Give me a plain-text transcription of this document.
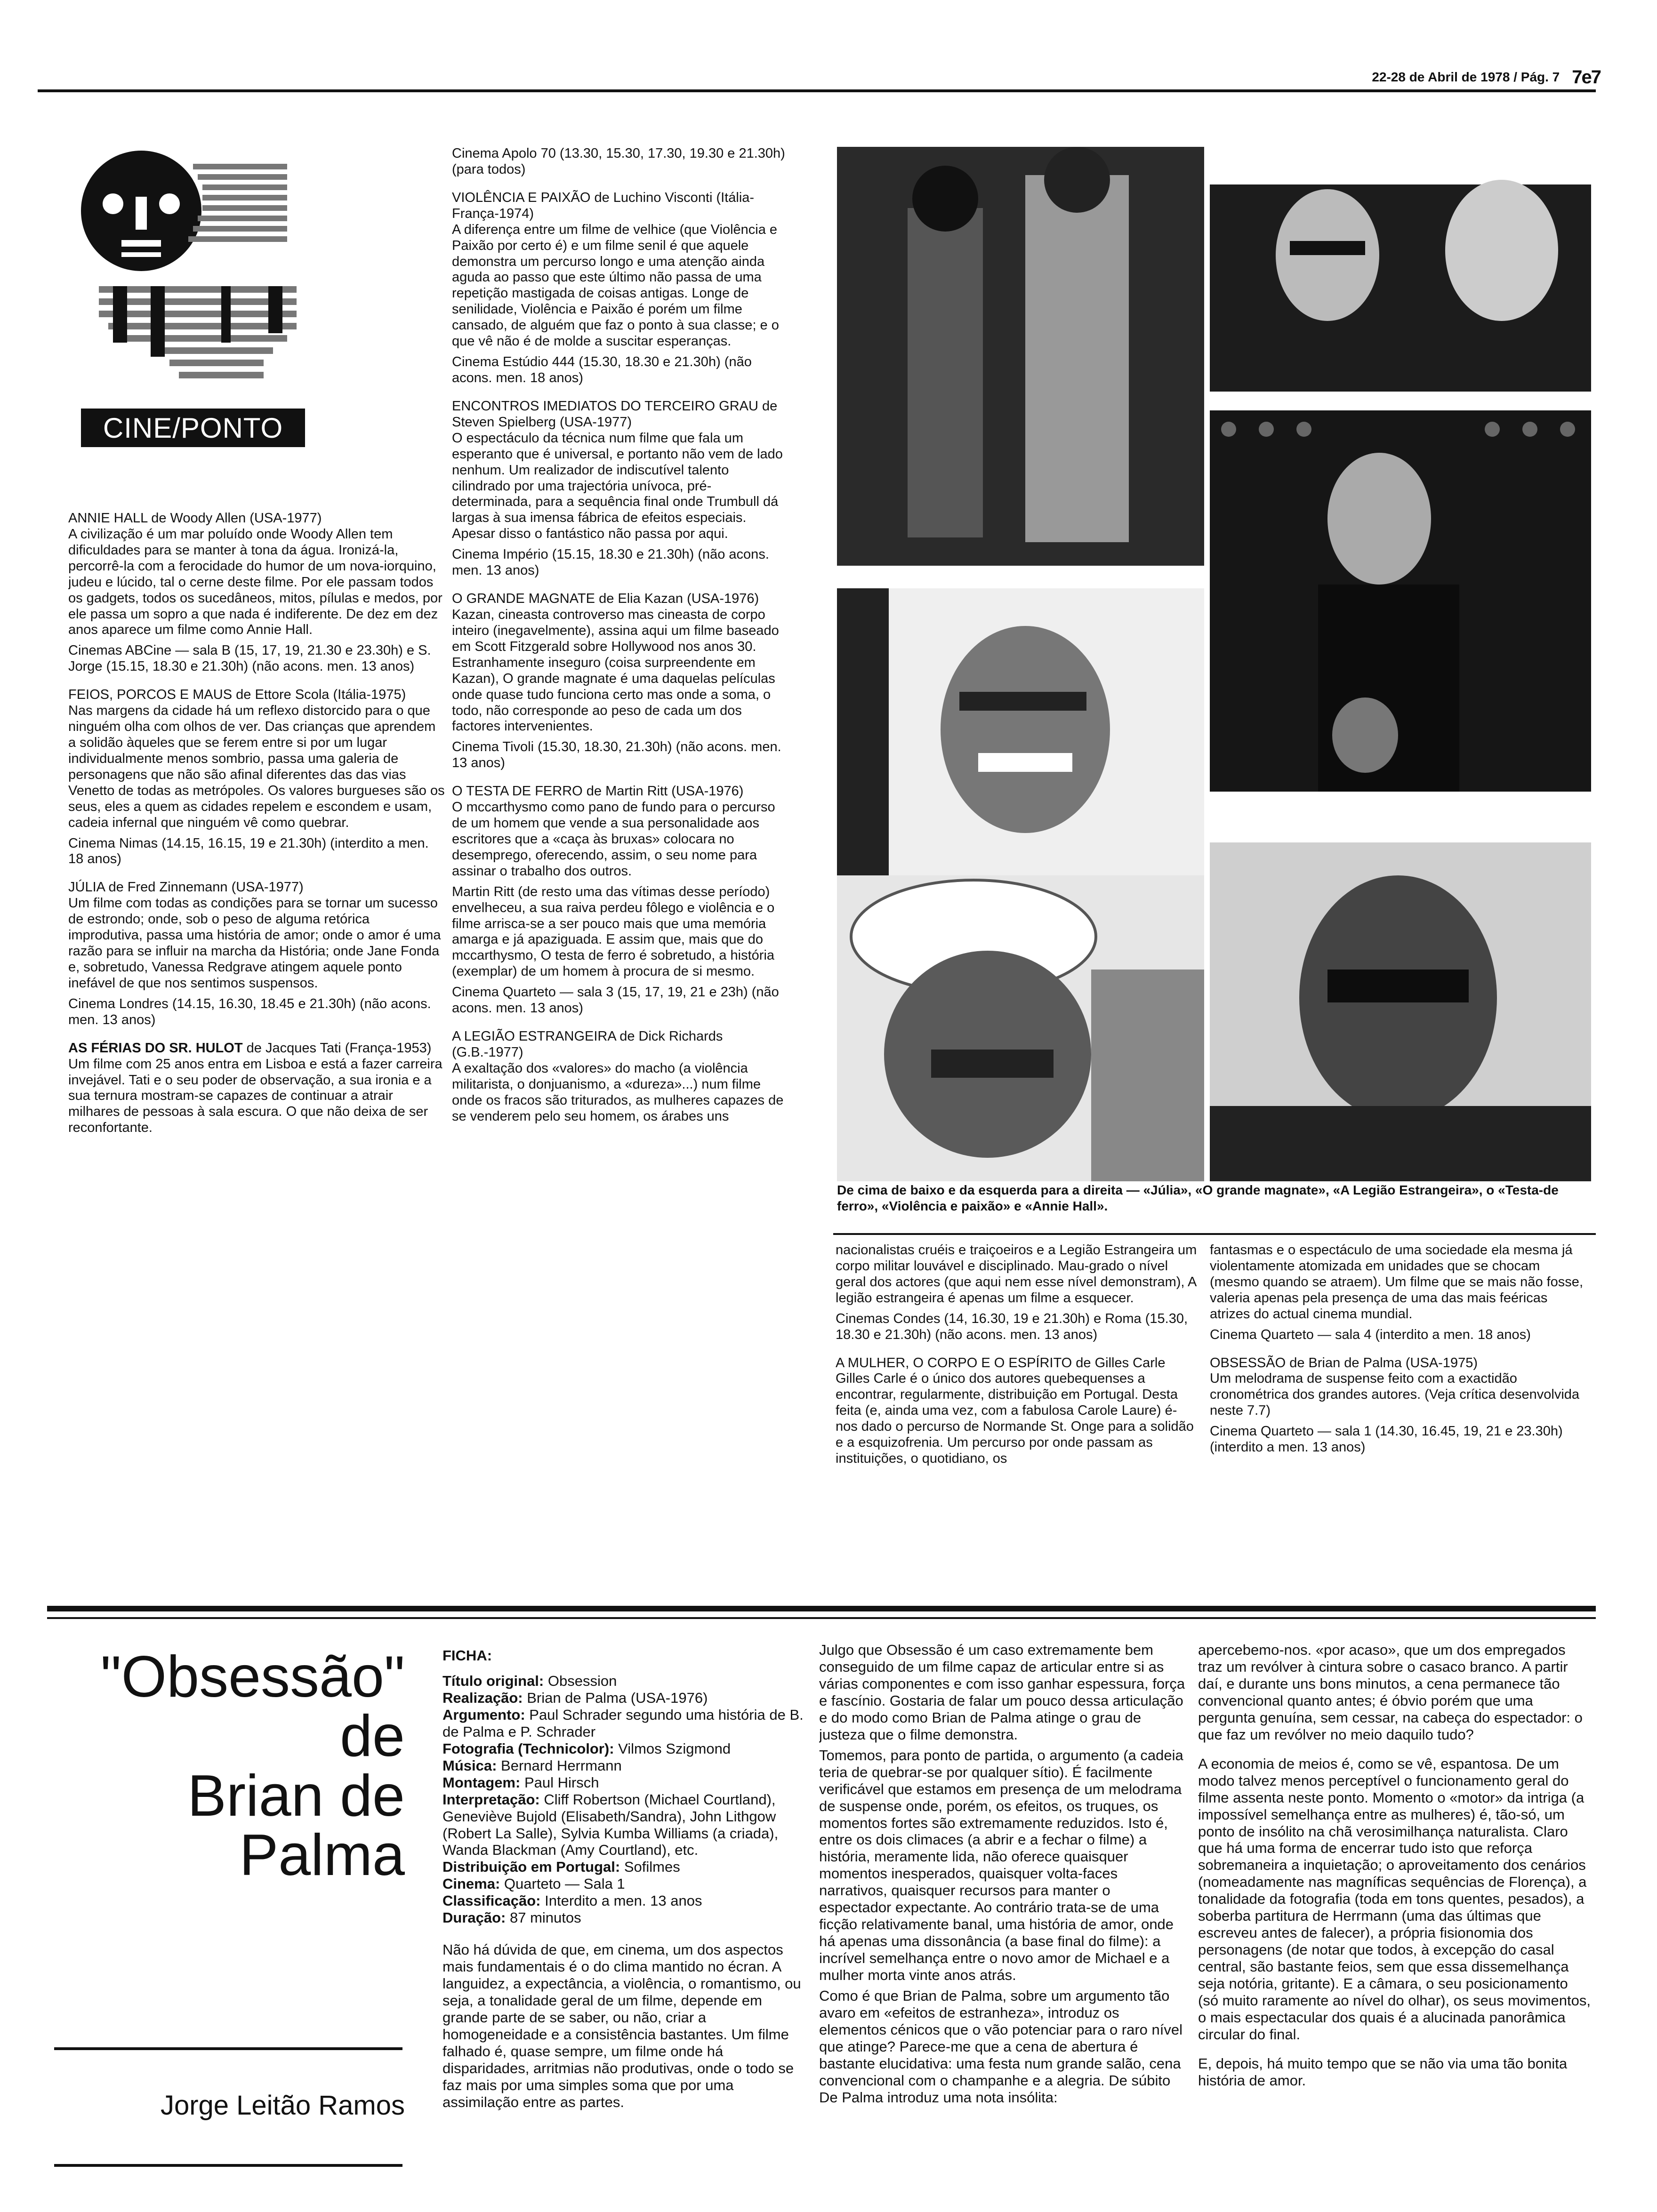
22-28 de Abril de 1978 / Pág. 7 7e7
CINE/PONTO
ANNIE HALL de Woody Allen (USA-1977)

A civilização é um mar poluído onde Woody Allen tem dificuldades para se manter à tona da água. Ironizá-la, percorrê-la com a ferocidade do humor de um nova-iorquino, judeu e lúcido, tal o cerne deste filme. Por ele passam todos os gadgets, todos os sucedâneos, mitos, pílulas e medos, por ele passa um sopro a que nada é indiferente. De dez em dez anos aparece um filme como Annie Hall.

Cinemas ABCine — sala B (15, 17, 19, 21.30 e 23.30h) e S. Jorge (15.15, 18.30 e 21.30h) (não acons. men. 13 anos)
FEIOS, PORCOS E MAUS de Ettore Scola (Itália-1975)

Nas margens da cidade há um reflexo distorcido para o que ninguém olha com olhos de ver. Das crianças que aprendem a solidão àqueles que se ferem entre si por um lugar individualmente menos sombrio, passa uma galeria de personagens que não são afinal diferentes das das vias Venetto de todas as metrópoles. Os valores burgueses são os seus, eles a quem as cidades repelem e escondem e usam, cadeia infernal que ninguém vê como quebrar.

Cinema Nimas (14.15, 16.15, 19 e 21.30h) (interdito a men. 18 anos)
JÚLIA de Fred Zinnemann (USA-1977)

Um filme com todas as condições para se tornar um sucesso de estrondo; onde, sob o peso de alguma retórica improdutiva, passa uma história de amor; onde o amor é uma razão para se influir na marcha da História; onde Jane Fonda e, sobretudo, Vanessa Redgrave atingem aquele ponto inefável de que nos sentimos suspensos.

Cinema Londres (14.15, 16.30, 18.45 e 21.30h) (não acons. men. 13 anos)
AS FÉRIAS DO SR. HULOT de Jacques Tati (França-1953)

Um filme com 25 anos entra em Lisboa e está a fazer carreira invejável. Tati e o seu poder de observação, a sua ironia e a sua ternura mostram-se capazes de continuar a atrair milhares de pessoas à sala escura. O que não deixa de ser reconfortante.

Cinema Apolo 70 (13.30, 15.30, 17.30, 19.30 e 21.30h) (para todos)
VIOLÊNCIA E PAIXÃO de Luchino Visconti (Itália-França-1974)

A diferença entre um filme de velhice (que Violência e Paixão por certo é) e um filme senil é que aquele demonstra um percurso longo e uma atenção ainda aguda ao passo que este último não passa de uma repetição mastigada de coisas antigas. Longe de senilidade, Violência e Paixão é porém um filme cansado, de alguém que faz o ponto à sua classe; e o que vê não é de molde a suscitar esperanças.

Cinema Estúdio 444 (15.30, 18.30 e 21.30h) (não acons. men. 18 anos)
ENCONTROS IMEDIATOS DO TERCEIRO GRAU de Steven Spielberg (USA-1977)

O espectáculo da técnica num filme que fala um esperanto que é universal, e portanto não vem de lado nenhum. Um realizador de indiscutível talento cilindrado por uma trajectória unívoca, pré-determinada, para a sequência final onde Trumbull dá largas à sua imensa fábrica de efeitos especiais. Apesar disso o fantástico não passa por aqui.

Cinema Império (15.15, 18.30 e 21.30h) (não acons. men. 13 anos)
O GRANDE MAGNATE de Elia Kazan (USA-1976)

Kazan, cineasta controverso mas cineasta de corpo inteiro (inegavelmente), assina aqui um filme baseado em Scott Fitzgerald sobre Hollywood nos anos 30. Estranhamente inseguro (coisa surpreendente em Kazan), O grande magnate é uma daquelas películas onde quase tudo funciona certo mas onde a soma, o todo, não corresponde ao peso de cada um dos factores intervenientes.

Cinema Tivoli (15.30, 18.30, 21.30h) (não acons. men. 13 anos)
O TESTA DE FERRO de Martin Ritt (USA-1976)

O mccarthysmo como pano de fundo para o percurso de um homem que vende a sua personalidade aos escritores que a «caça às bruxas» colocara no desemprego, oferecendo, assim, o seu nome para assinar o trabalho dos outros.

Martin Ritt (de resto uma das vítimas desse período) envelheceu, a sua raiva perdeu fôlego e violência e o filme arrisca-se a ser pouco mais que uma memória amarga e já apaziguada. E assim que, mais que do mccarthysmo, O testa de ferro é sobretudo, a história (exemplar) de um homem à procura de si mesmo.

Cinema Quarteto — sala 3 (15, 17, 19, 21 e 23h) (não acons. men. 13 anos)
A LEGIÃO ESTRANGEIRA de Dick Richards (G.B.-1977)

A exaltação dos «valores» do macho (a violência militarista, o donjuanismo, a «dureza»...) num filme onde os fracos são triturados, as mulheres capazes de se venderem pelo seu homem, os árabes uns

De cima de baixo e da esquerda para a direita — «Júlia», «O grande magnate», «A Legião Estrangeira», o «Testa-de ferro», «Violência e paixão» e «Annie Hall».

nacionalistas cruéis e traiçoeiros e a Legião Estrangeira um corpo militar louvável e disciplinado. Mau-grado o nível geral dos actores (que aqui nem esse nível demonstram), A legião estrangeira é apenas um filme a esquecer.

Cinemas Condes (14, 16.30, 19 e 21.30h) e Roma (15.30, 18.30 e 21.30h) (não acons. men. 13 anos)
A MULHER, O CORPO E O ESPÍRITO de Gilles Carle

Gilles Carle é o único dos autores quebequenses a encontrar, regularmente, distribuição em Portugal. Desta feita (e, ainda uma vez, com a fabulosa Carole Laure) é-nos dado o percurso de Normande St. Onge para a solidão e a esquizofrenia. Um percurso por onde passam as instituições, o quotidiano, os

fantasmas e o espectáculo de uma sociedade ela mesma já violentamente atomizada em unidades que se chocam (mesmo quando se atraem). Um filme que se mais não fosse, valeria apenas pela presença de uma das mais feéricas atrizes do actual cinema mundial.

Cinema Quarteto — sala 4 (interdito a men. 18 anos)
OBSESSÃO de Brian de Palma (USA-1975)

Um melodrama de suspense feito com a exactidão cronométrica dos grandes autores. (Veja crítica desenvolvida neste 7.7)

Cinema Quarteto — sala 1 (14.30, 16.45, 19, 21 e 23.30h) (interdito a men. 13 anos)
"Obsessão"
de
Brian de Palma
Jorge Leitão Ramos
FICHA:
Título original: Obsession
Realização: Brian de Palma (USA-1976)
Argumento: Paul Schrader segundo uma história de B. de Palma e P. Schrader
Fotografia (Technicolor): Vilmos Szigmond
Música: Bernard Herrmann
Montagem: Paul Hirsch
Interpretação: Cliff Robertson (Michael Courtland), Geneviève Bujold (Elisabeth/Sandra), John Lithgow (Robert La Salle), Sylvia Kumba Williams (a criada), Wanda Blackman (Amy Courtland), etc.
Distribuição em Portugal: Sofilmes
Cinema: Quarteto — Sala 1
Classificação: Interdito a men. 13 anos
Duração: 87 minutos

Não há dúvida de que, em cinema, um dos aspectos mais fundamentais é o do clima mantido no écran. A languidez, a expectância, a violência, o romantismo, ou seja, a tonalidade geral de um filme, depende em grande parte de se saber, ou não, criar a homogeneidade e a consistência bastantes. Um filme falhado é, quase sempre, um filme onde há disparidades, arritmias não produtivas, onde o todo se faz mais por uma simples soma que por uma assimilação entre as partes.

Julgo que Obsessão é um caso extremamente bem conseguido de um filme capaz de articular entre si as várias componentes e com isso ganhar espessura, força e fascínio. Gostaria de falar um pouco dessa articulação e do modo como Brian de Palma atinge o grau de justeza que o filme demonstra.

Tomemos, para ponto de partida, o argumento (a cadeia teria de quebrar-se por qualquer sítio). É facilmente verificável que estamos em presença de um melodrama de suspense onde, porém, os efeitos, os truques, os momentos fortes são extremamente reduzidos. Isto é, entre os dois climaces (a abrir e a fechar o filme) a história, meramente lida, não oferece quaisquer momentos inesperados, quaisquer volta-faces narrativos, quaisquer recursos para manter o espectador expectante. Ao contrário trata-se de uma ficção relativamente banal, uma história de amor, onde há apenas uma dissonância (a base final do filme): a incrível semelhança entre o novo amor de Michael e a mulher morta vinte anos atrás.

Como é que Brian de Palma, sobre um argumento tão avaro em «efeitos de estranheza», introduz os elementos cénicos que o vão potenciar para o raro nível que atinge? Parece-me que a cena de abertura é bastante elucidativa: uma festa num grande salão, cena convencional com o champanhe e a alegria. De súbito De Palma introduz uma nota insólita:

apercebemo-nos. «por acaso», que um dos empregados traz um revólver à cintura sobre o casaco branco. A partir daí, e durante uns bons minutos, a cena permanece tão convencional quanto antes; é óbvio porém que uma pergunta genuína, sem cessar, na cabeça do espectador: o que faz um revólver no meio daquilo tudo?

A economia de meios é, como se vê, espantosa. De um modo talvez menos perceptível o funcionamento geral do filme assenta neste ponto. Momento o «motor» da intriga (a impossível semelhança entre as mulheres) é, tão-só, um ponto de insólito na chã verosimilhança naturalista. Claro que há uma forma de encerrar tudo isto que reforça sobremaneira a inquietação; o aproveitamento dos cenários (nomeadamente nas magníficas sequências de Florença), a tonalidade da fotografia (toda em tons quentes, pesados), a soberba partitura de Herrmann (uma das últimas que escreveu antes de falecer), a própria fisionomia dos personagens (de notar que todos, à excepção do casal central, são bastante feios, sem que essa dissemelhança seja notória, gritante). E a câmara, o seu posicionamento (só muito raramente ao nível do olhar), os seus movimentos, o mais espectacular dos quais é a alucinada panorâmica circular do final.

E, depois, há muito tempo que se não via uma tão bonita história de amor.
